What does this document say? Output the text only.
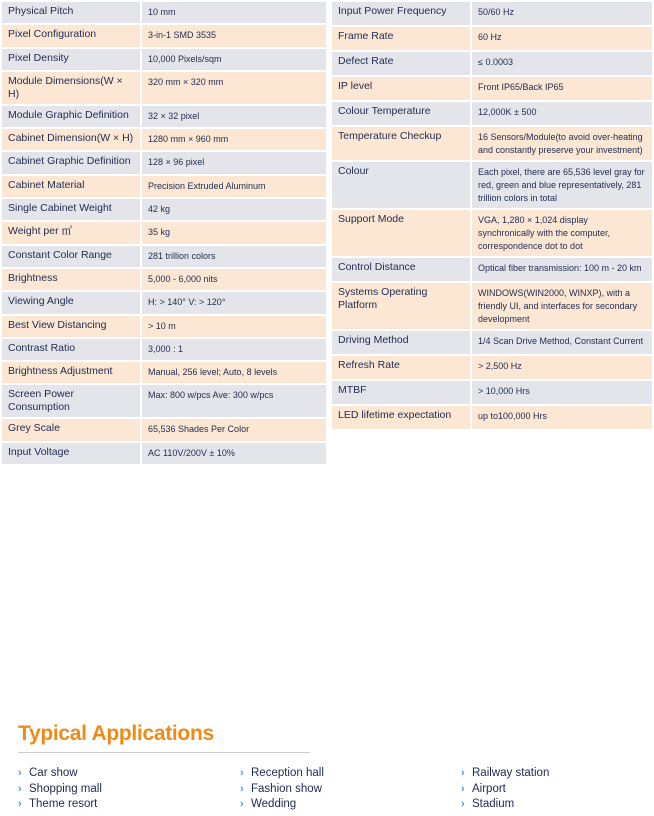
Physical Pitch	10 mm
Pixel Configuration	3-in-1 SMD 3535
Pixel Density	10,000 Pixels/sqm
Module Dimensions(W × H)	320 mm × 320 mm
Module Graphic Definition	32 × 32 pixel
Cabinet Dimension(W × H)	1280 mm × 960 mm
Cabinet Graphic Definition	128 × 96 pixel
Cabinet Material	Precision Extruded Aluminum
Single Cabinet Weight	42 kg
Weight per ㎡	35 kg
Constant Color Range	281 trillion colors
Brightness	5,000 - 6,000 nits
Viewing Angle	H: > 140° V: > 120°
Best View Distancing	> 10 m
Contrast Ratio	3,000 : 1
Brightness Adjustment	Manual, 256 level; Auto, 8 levels
Screen Power Consumption	Max: 800 w/pcs Ave: 300 w/pcs
Grey Scale	65,536 Shades Per Color
Input Voltage	AC 110V/200V ± 10%
Input Power Frequency	50/60 Hz
Frame Rate	60 Hz
Defect Rate	≤ 0.0003
IP level	Front IP65/Back IP65
Colour Temperature	12,000K ± 500
Temperature Checkup	16 Sensors/Module(to avoid over-heating and constantly preserve your investment)
Colour	Each pixel, there are 65,536 level gray for red, green and blue representatively, 281 trillion colors in total
Support Mode	VGA, 1,280 × 1,024 display synchronically with the computer, correspondence dot to dot
Control Distance	Optical fiber transmission: 100 m - 20 km
Systems Operating Platform	WINDOWS(WIN2000, WINXP), with a friendly UI, and interfaces for secondary development
Driving Method	1/4 Scan Drive Method, Constant Current
Refresh Rate	> 2,500 Hz
MTBF	> 10,000 Hrs
LED lifetime expectation	up to100,000 Hrs
Typical Applications
› Car show
› Shopping mall
› Theme resort
› Reception hall
› Fashion show
› Wedding
› Railway station
› Airport
› Stadium
